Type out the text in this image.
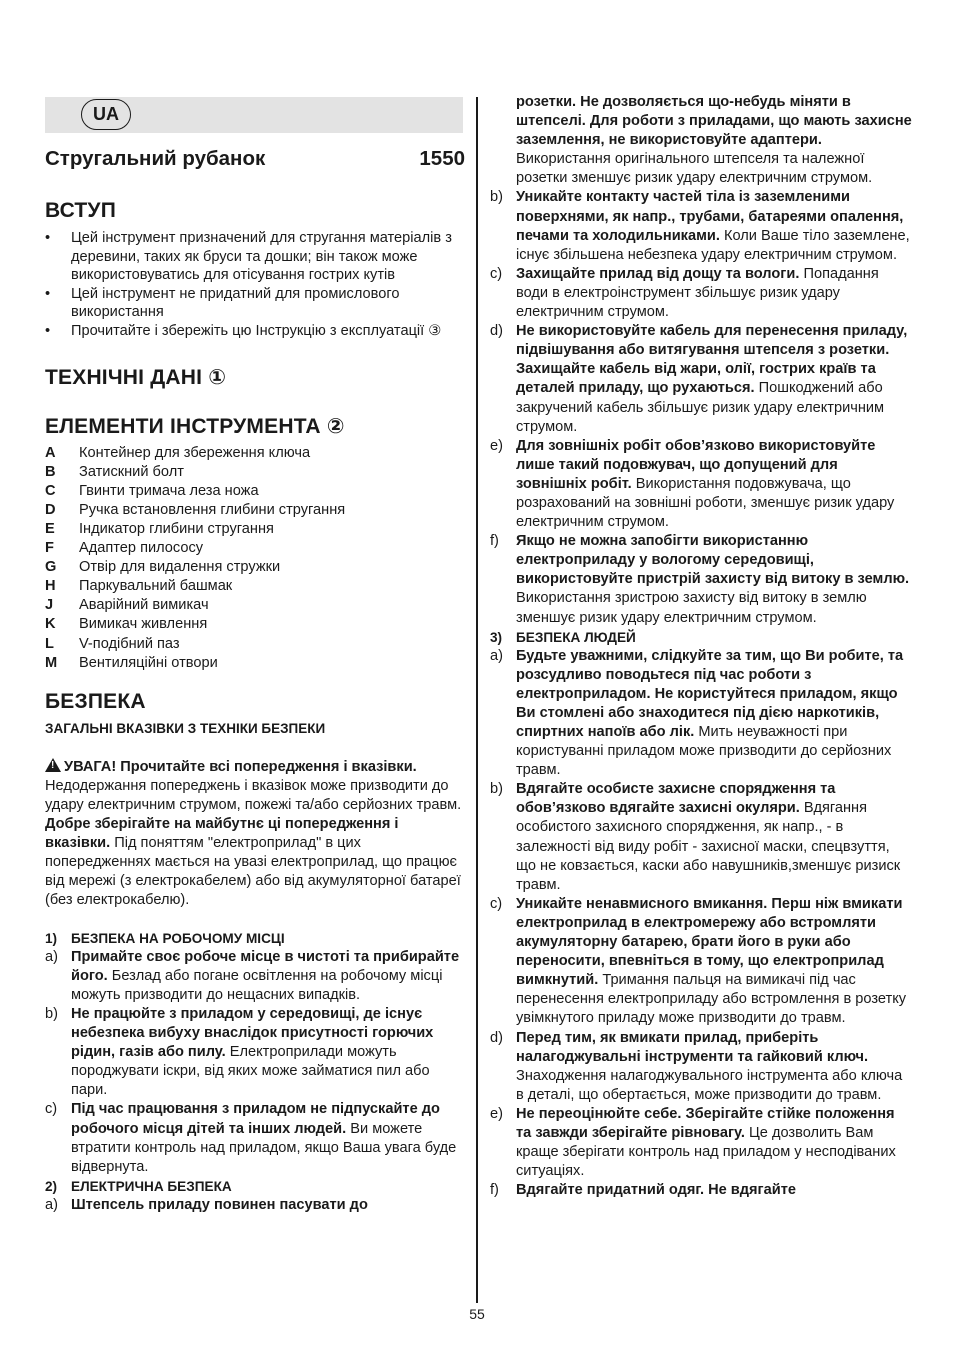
UA
Стругальний рубанок	1550
ВСТУП
• Цей інструмент призначений для стругання матеріалів з деревини, таких як бруси та дошки; він також може використовуватись для отісування гострих кутів
• Цей інструмент не придатний для промислового використання
• Прочитайте і збережіть цю Інструкцію з експлуатації ③
ТЕХНІЧНІ ДАНІ ①
ЕЛЕМЕНТИ ІНСТРУМЕНТА ②
A	Контейнер для збереження ключа
B	Затискний болт
C	Гвинти тримача леза ножа
D	Ручка встановлення глибини стругання
E	Індикатор глибини стругання
F	Адаптер пилососу
G	Отвір для видалення стружки
H	Паркувальний башмак
J	Аварійний вимикач
K	Вимикач живлення
L	V-подібний паз
M	Вентиляційні отвори
БЕЗПЕКА
ЗАГАЛЬНІ ВКАЗІВКИ З ТЕХНІКИ БЕЗПЕКИ

!УВАГА! Прочитайте всі попередження і вказівки. Недодержання попереджень і вказівок може призводити до удару електричним струмом, пожежі та/або серйозних травм. Добре зберігайте на майбутнє ці попередження і вказівки. Під поняттям "електроприлад" в цих попередженнях мається на увазі електроприлад, що працює від мережі (з електрокабелем) або від акумуляторної батареї (без електрокабелю).

1)	БЕЗПЕКА НА РОБОЧОМУ МІСЦІ
a) Примайте своє робоче місце в чистоті та прибирайте його. Безлад або погане освітлення на робочому місці можуть призводити до нещасних випадків.
b) Не працюйте з приладом у середовищі, де існує небезпека вибуху внаслідок присутності горючих рідин, газів або пилу. Електроприлади можуть породжувати іскри, від яких може займатися пил або пари.
c) Під час працювання з приладом не підпускайте до робочого місця дітей та інших людей. Ви можете втратити контроль над приладом, якщо Ваша увага буде відвернута.
2)	ЕЛЕКТРИЧНА БЕЗПЕКА
a) Штепсель приладу повинен пасувати до
розетки. Не дозволяється що-небудь міняти в штепселі. Для роботи з приладами, що мають захисне заземлення, не використовуйте адаптери. Використання оригінального штепселя та належної розетки зменшує ризик удару електричним струмом.
b) Уникайте контакту частей тіла із заземленими поверхнями, як напр., трубами, батареями опалення, печами та холодильниками. Коли Ваше тіло заземлене, існує збільшена небезпека удару електричним струмом.
c) Захищайте прилад від дощу та вологи. Попадання води в електроінструмент збільшує ризик удару електричним струмом.
d) Не використовуйте кабель для перенесення приладу, підвішування або витягування штепселя з розетки. Захищайте кабель від жари, олії, гострих країв та деталей приладу, що рухаються. Пошкоджений або закручений кабель збільшує ризик удару електричним струмом.
e) Для зовнішніх робіт обов’язково використовуйте лише такий подовжувач, що допущений для зовнішніх робіт. Використання подовжувача, що розрахований на зовнішні роботи, зменшує ризик удару електричним струмом.
f)	Якщо не можна запобігти використанню електроприладу у вологому середовищі, використовуйте пристрій захисту від витоку в землю. Використання зристрою захисту від витоку в землю зменшує ризик удару електричним струмом.
3)	БЕЗПЕКА ЛЮДЕЙ
a) Будьте уважними, слідкуйте за тим, що Ви робите, та розсудливо поводьтеся під час роботи з електроприладом. Не користуйтеся приладом, якщо Ви стомлені або знаходитеся під дією наркотиків, спиртних напоїв або лік. Мить неуважності при користуванні приладом може призводити до серйозних травм.
b) Вдягайте особисте захисне спорядження та обов’язково вдягайте захисні окуляри. Вдягання особистого захисного спорядження, як напр., - в залежності від виду робіт - захисної маски, спецвзуття, що не ковзається, каски або навушників,зменшує ризиск травм.
c) Уникайте ненавмисного вмикання. Перш ніж вмикати електроприлад в електромережу або встромляти акумуляторну батарею, брати його в руки або переносити, впевніться в тому, що електроприлад вимкнутий. Тримання пальця на вимикачі під час перенесення електроприладу або встромлення в розетку увімкнутого приладу може призводити до травм.
d) Перед тим, як вмикати прилад, приберіть налагоджувальні інструменти та гайковий ключ. Знаходження налагоджувального інструмента або ключа в деталі, що обертається, може призводити до травм.
e) Не переоцінюйте себе. Зберігайте стійке положення та завжди зберігайте рівновагу. Це дозволить Вам краще зберігати контроль над приладом у несподіваних ситуаціях.
f)	Вдягайте придатний одяг. Не вдягайте
55
